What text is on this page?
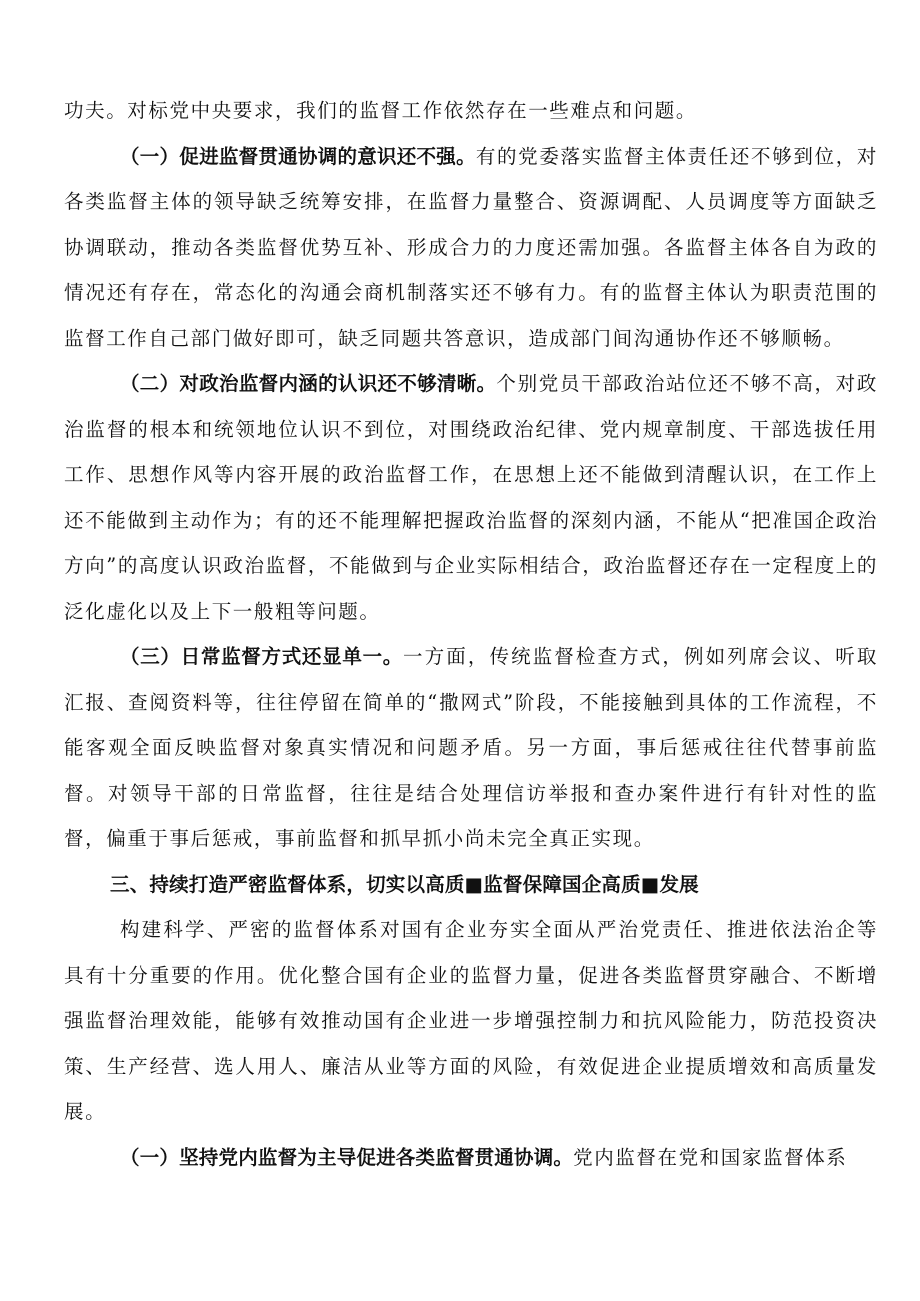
功夫。对标党中央要求，我们的监督工作依然存在一些难点和问题。

（一）促进监督贯通协调的意识还不强。有的党委落实监督主体责任还不够到位，对各类监督主体的领导缺乏统筹安排，在监督力量整合、资源调配、人员调度等方面缺乏协调联动，推动各类监督优势互补、形成合力的力度还需加强。各监督主体各自为政的情况还有存在，常态化的沟通会商机制落实还不够有力。有的监督主体认为职责范围的监督工作自己部门做好即可，缺乏同题共答意识，造成部门间沟通协作还不够顺畅。

（二）对政治监督内涵的认识还不够清晰。个别党员干部政治站位还不够不高，对政治监督的根本和统领地位认识不到位，对围绕政治纪律、党内规章制度、干部选拔任用工作、思想作风等内容开展的政治监督工作，在思想上还不能做到清醒认识，在工作上还不能做到主动作为；有的还不能理解把握政治监督的深刻内涵，不能从“把准国企政治方向”的高度认识政治监督，不能做到与企业实际相结合，政治监督还存在一定程度上的泛化虚化以及上下一般粗等问题。

（三）日常监督方式还显单一。一方面，传统监督检查方式，例如列席会议、听取汇报、查阅资料等，往往停留在简单的“撒网式”阶段，不能接触到具体的工作流程，不能客观全面反映监督对象真实情况和问题矛盾。另一方面，事后惩戒往往代替事前监督。对领导干部的日常监督，往往是结合处理信访举报和查办案件进行有针对性的监督，偏重于事后惩戒，事前监督和抓早抓小尚未完全真正实现。

三、持续打造严密监督体系，切实以高质■监督保障国企高质■发展

构建科学、严密的监督体系对国有企业夯实全面从严治党责任、推进依法治企等具有十分重要的作用。优化整合国有企业的监督力量，促进各类监督贯穿融合、不断增强监督治理效能，能够有效推动国有企业进一步增强控制力和抗风险能力，防范投资决策、生产经营、选人用人、廉洁从业等方面的风险，有效促进企业提质增效和高质量发展。

（一）坚持党内监督为主导促进各类监督贯通协调。党内监督在党和国家监督体系
